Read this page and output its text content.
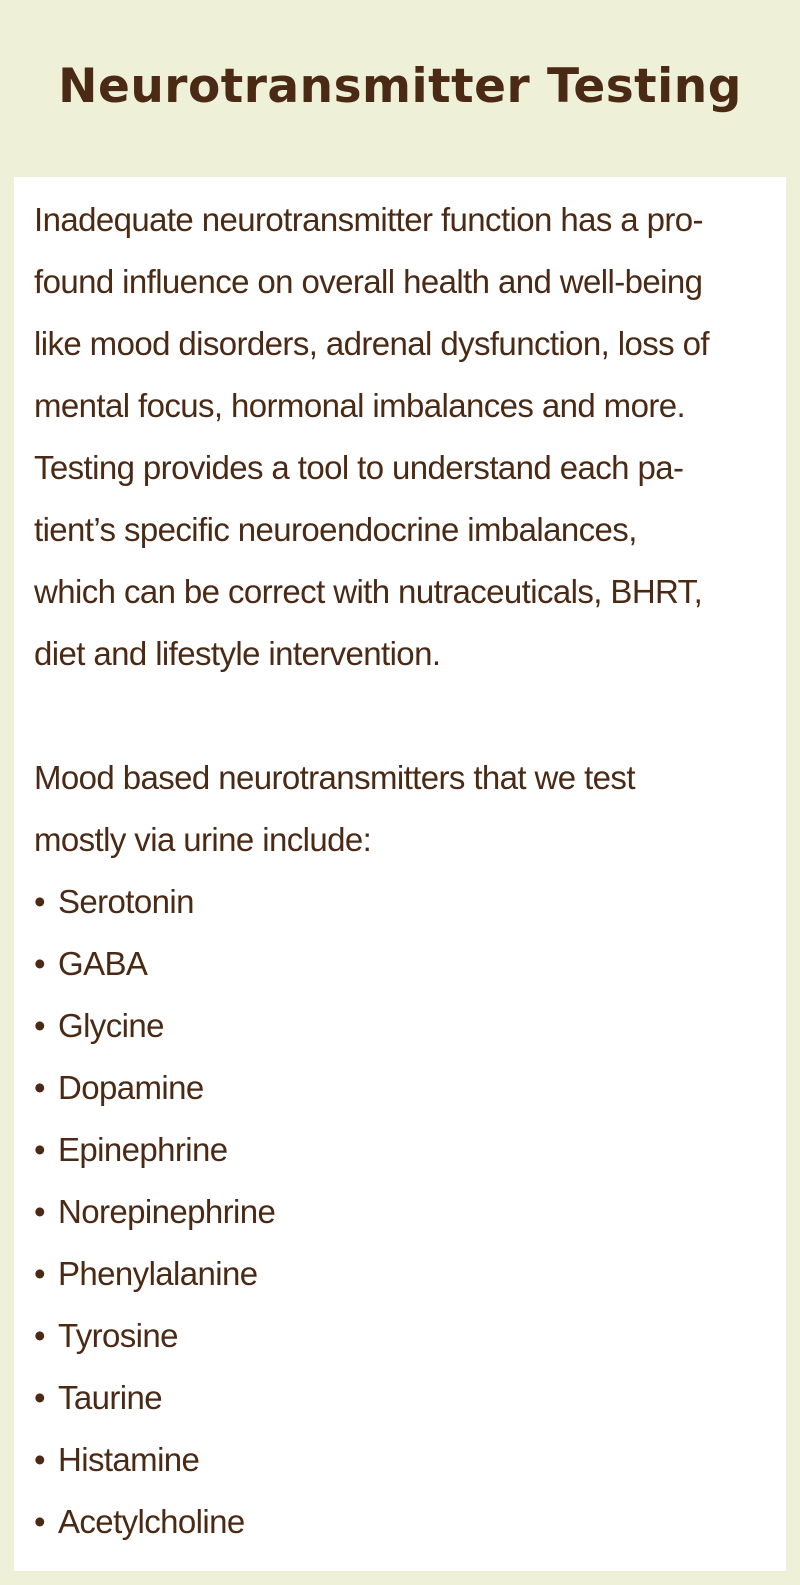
Neurotransmitter Testing
Inadequate neurotransmitter function has a pro-
found influence on overall health and well-being
like mood disorders, adrenal dysfunction, loss of
mental focus, hormonal imbalances and more.
Testing provides a tool to understand each pa-
tient’s specific neuroendocrine imbalances,
which can be correct with nutraceuticals, BHRT,
diet and lifestyle intervention.
Mood based neurotransmitters that we test
mostly via urine include:
• Serotonin
• GABA
• Glycine
• Dopamine
• Epinephrine
• Norepinephrine
• Phenylalanine
• Tyrosine
• Taurine
• Histamine
• Acetylcholine
